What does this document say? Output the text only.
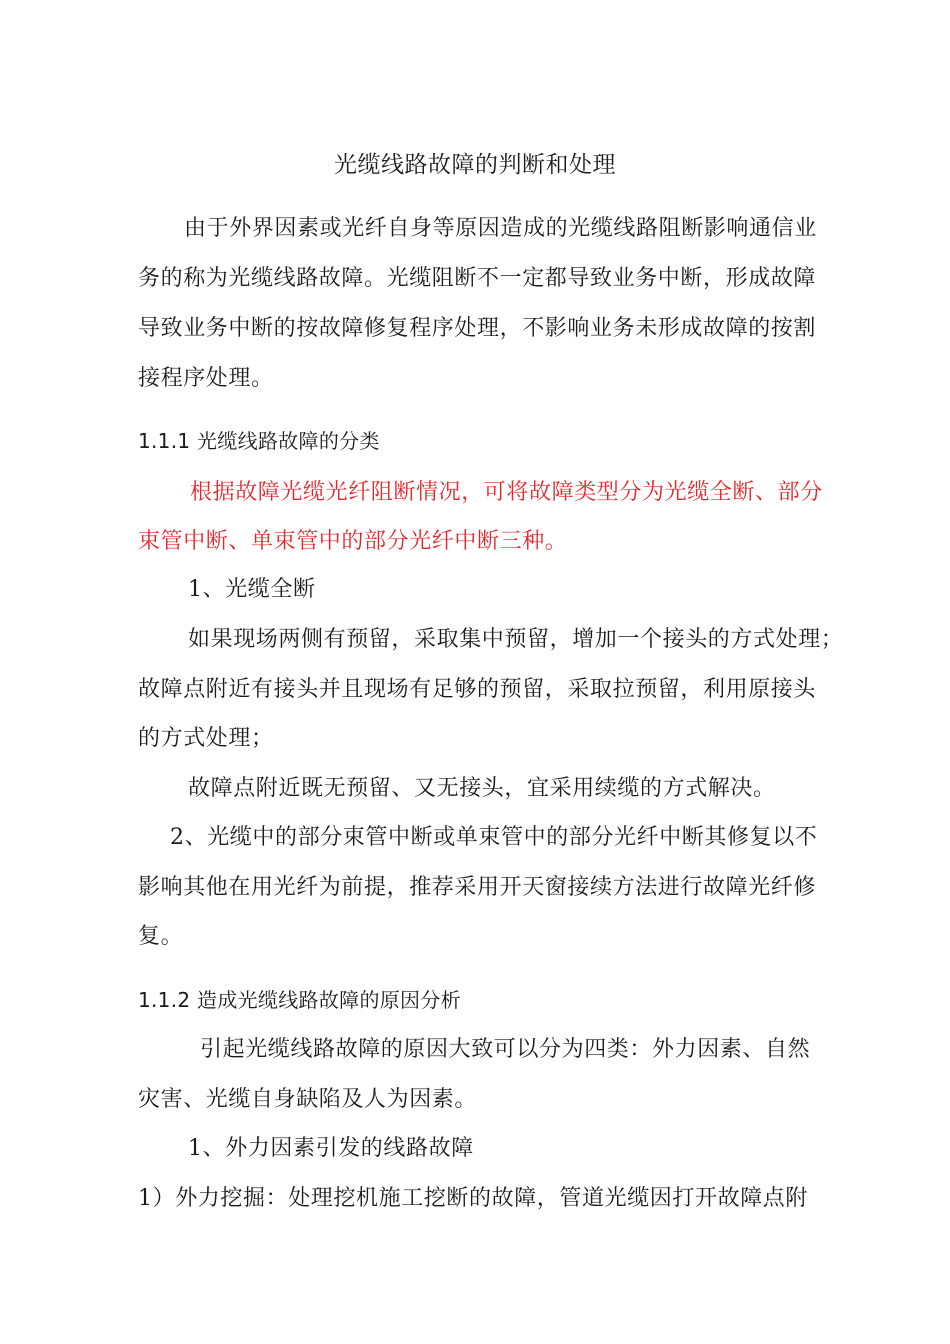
光缆线路故障的判断和处理
由于外界因素或光纤自身等原因造成的光缆线路阻断影响通信业
务的称为光缆线路故障。光缆阻断不一定都导致业务中断，形成故障
导致业务中断的按故障修复程序处理，不影响业务未形成故障的按割
接程序处理。
1.1.1 光缆线路故障的分类
根据故障光缆光纤阻断情况，可将故障类型分为光缆全断、部分
束管中断、单束管中的部分光纤中断三种。
1、光缆全断
如果现场两侧有预留，采取集中预留，增加一个接头的方式处理；
故障点附近有接头并且现场有足够的预留，采取拉预留，利用原接头
的方式处理；
故障点附近既无预留、又无接头，宜采用续缆的方式解决。
2、光缆中的部分束管中断或单束管中的部分光纤中断其修复以不
影响其他在用光纤为前提，推荐采用开天窗接续方法进行故障光纤修
复。
1.1.2 造成光缆线路故障的原因分析
引起光缆线路故障的原因大致可以分为四类：外力因素、自然
灾害、光缆自身缺陷及人为因素。
1、外力因素引发的线路故障
1）外力挖掘：处理挖机施工挖断的故障，管道光缆因打开故障点附
